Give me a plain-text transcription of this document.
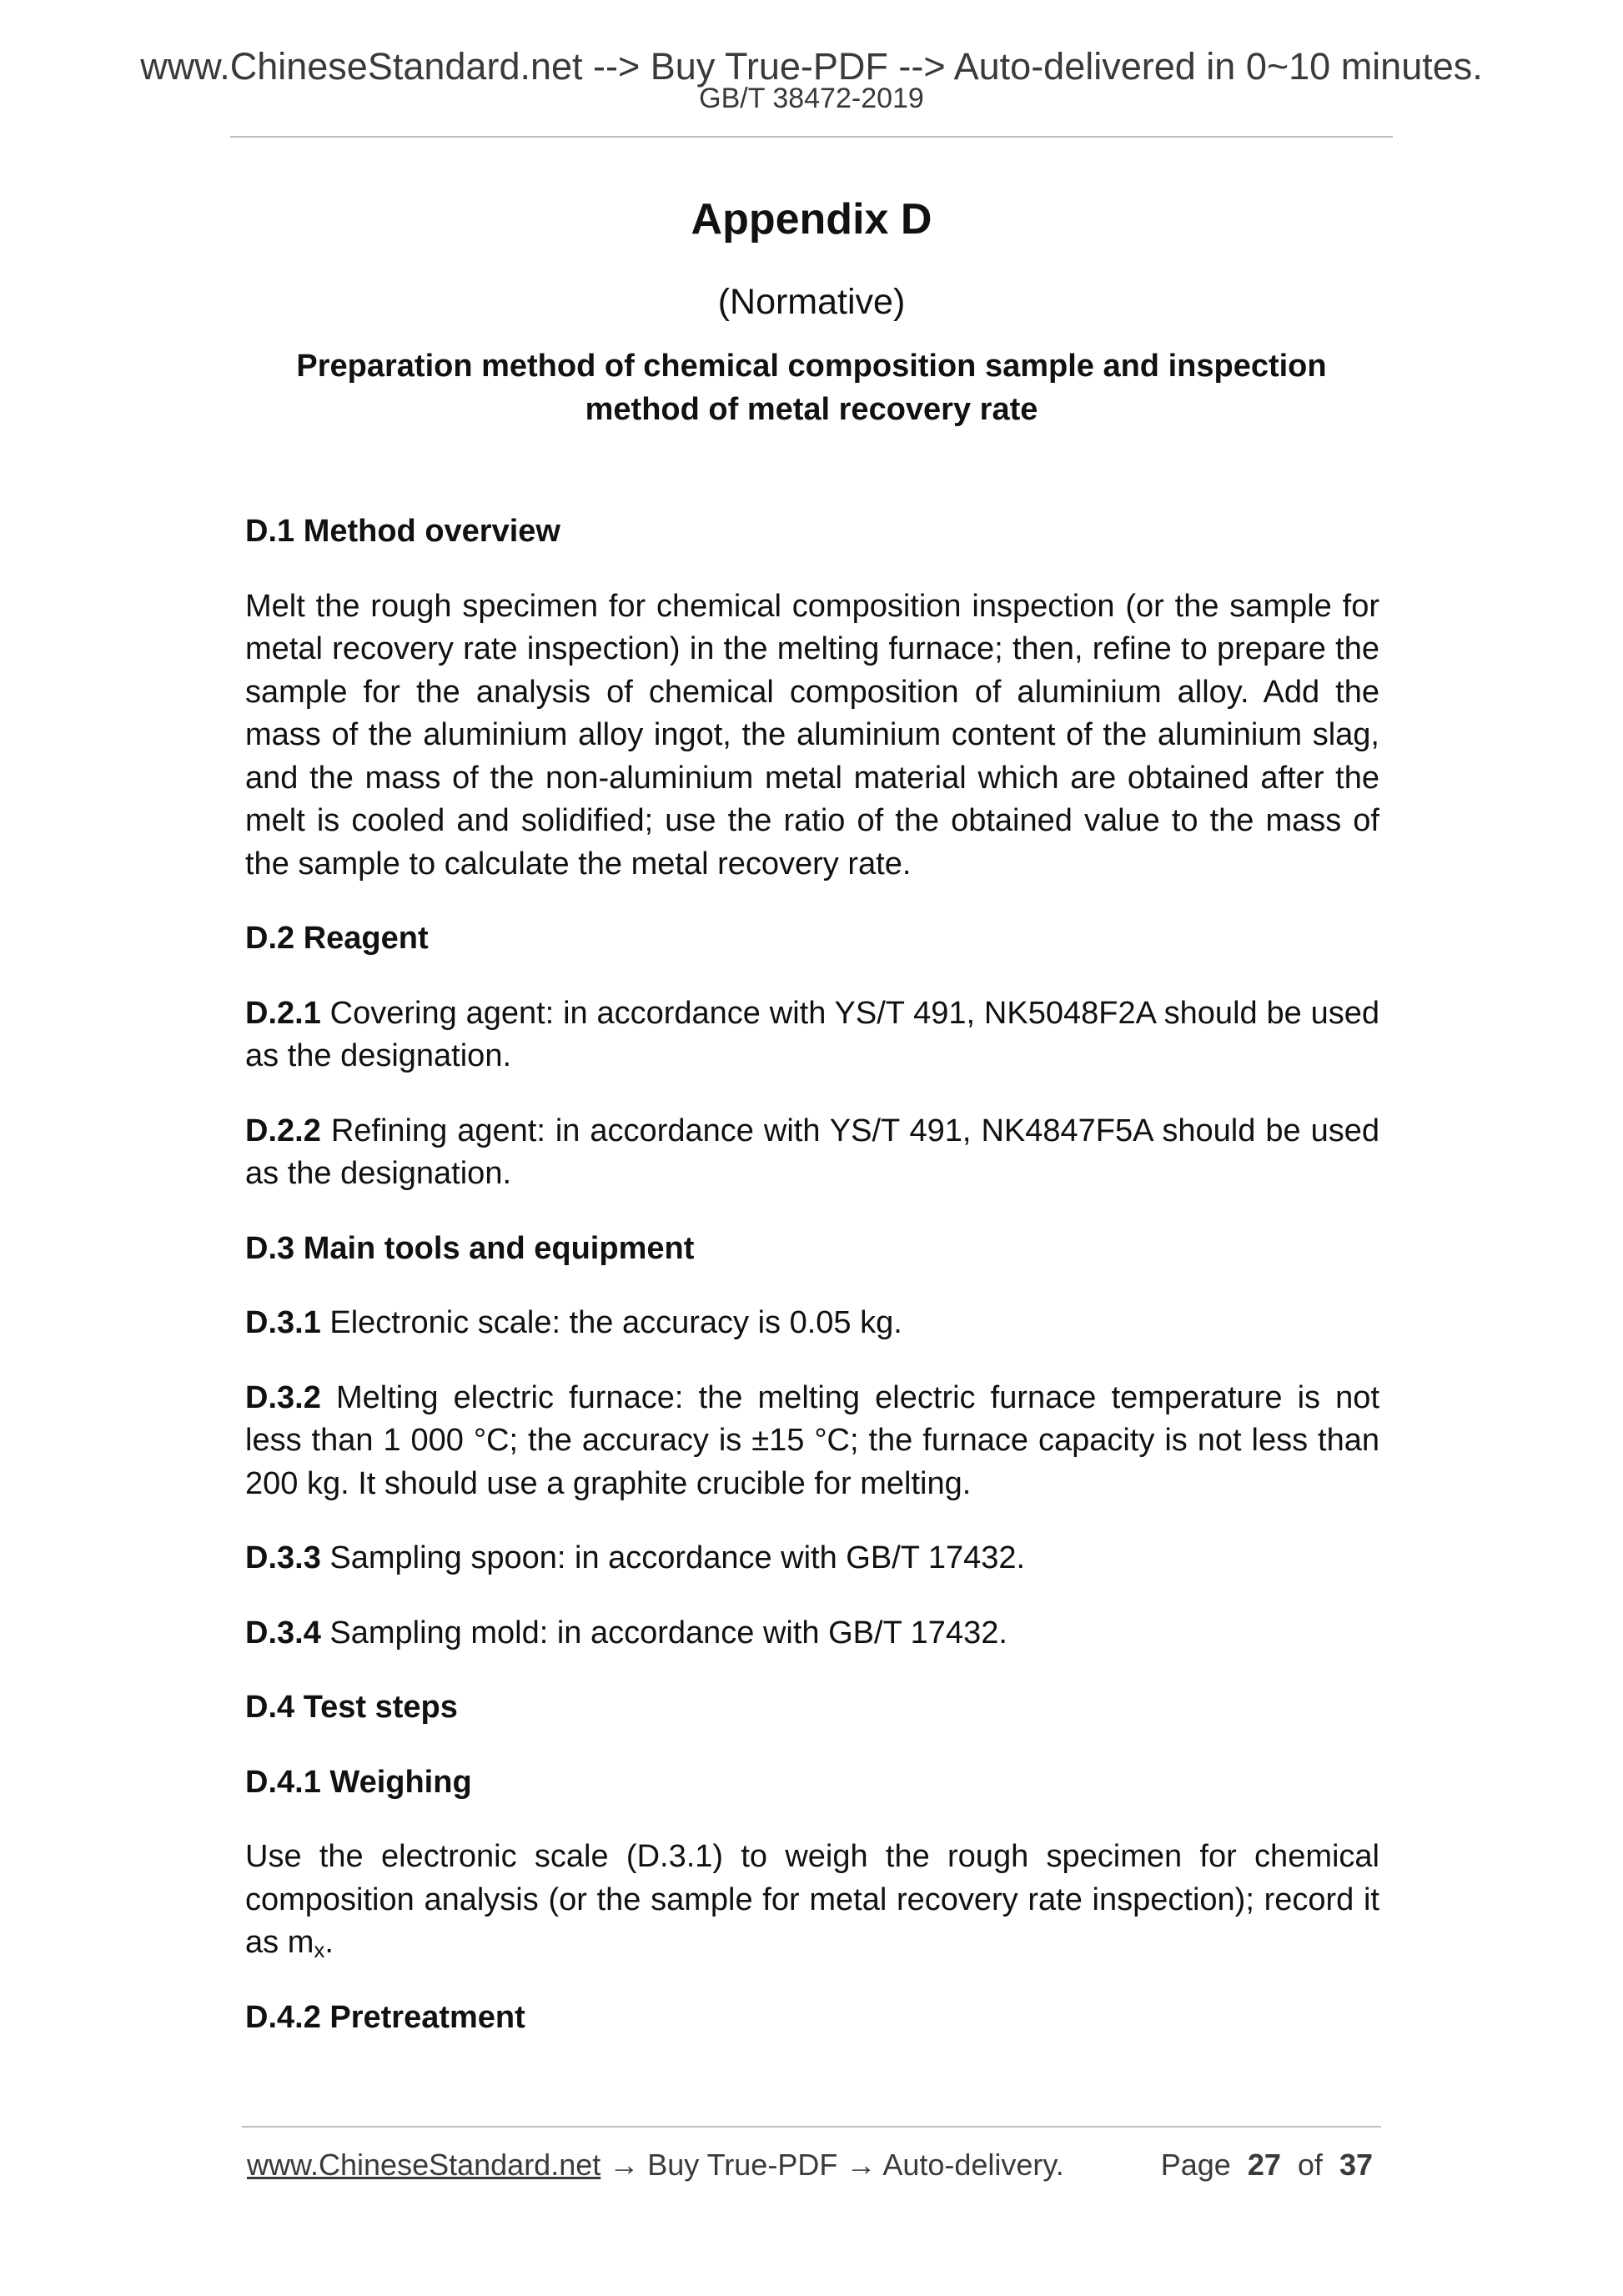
www.ChineseStandard.net --> Buy True-PDF --> Auto-delivered in 0~10 minutes.
GB/T 38472-2019
Appendix D
(Normative)
Preparation method of chemical composition sample and inspection method of metal recovery rate
D.1 Method overview

Melt the rough specimen for chemical composition inspection (or the sample for metal recovery rate inspection) in the melting furnace; then, refine to prepare the sample for the analysis of chemical composition of aluminium alloy. Add the mass of the aluminium alloy ingot, the aluminium content of the aluminium slag, and the mass of the non-aluminium metal material which are obtained after the melt is cooled and solidified; use the ratio of the obtained value to the mass of the sample to calculate the metal recovery rate.

D.2 Reagent

D.2.1 Covering agent: in accordance with YS/T 491, NK5048F2A should be used as the designation.

D.2.2 Refining agent: in accordance with YS/T 491, NK4847F5A should be used as the designation.

D.3 Main tools and equipment

D.3.1 Electronic scale: the accuracy is 0.05 kg.

D.3.2 Melting electric furnace: the melting electric furnace temperature is not less than 1 000 °C; the accuracy is ±15 °C; the furnace capacity is not less than 200 kg. It should use a graphite crucible for melting.

D.3.3 Sampling spoon: in accordance with GB/T 17432.

D.3.4 Sampling mold: in accordance with GB/T 17432.

D.4 Test steps
D.4.1 Weighing

Use the electronic scale (D.3.1) to weigh the rough specimen for chemical composition analysis (or the sample for metal recovery rate inspection); record it as $m_x$.

D.4.2 Pretreatment
www.ChineseStandard.net → Buy True-PDF → Auto-delivery.	Page 27 of 37
